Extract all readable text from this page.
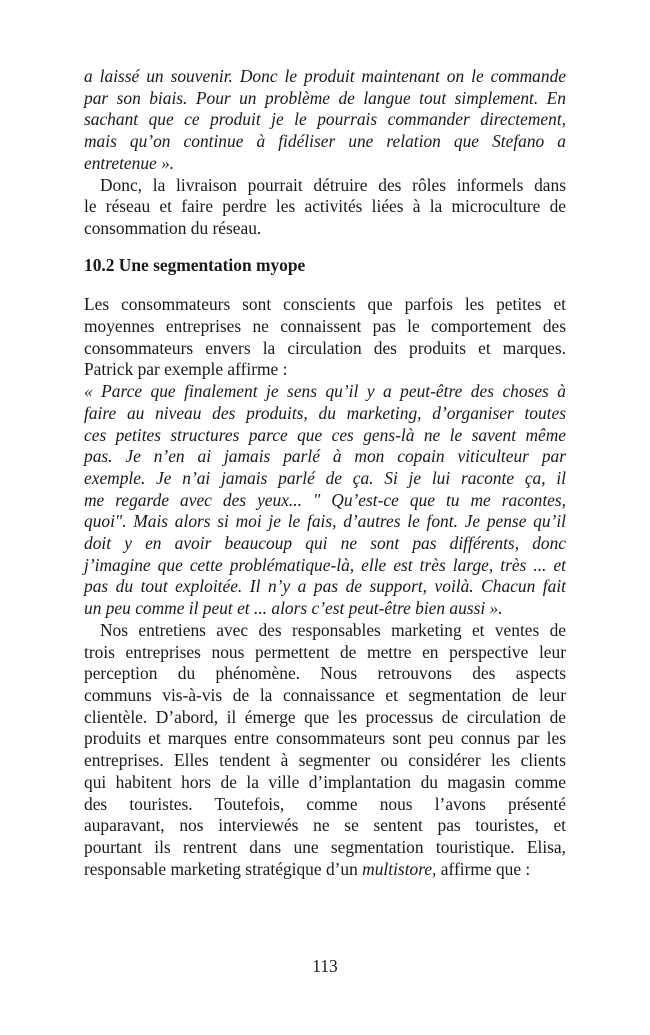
a laissé un souvenir. Donc le produit maintenant on le commande
par son biais. Pour un problème de langue tout simplement. En
sachant que ce produit je le pourrais commander directement,
mais qu’on continue à fidéliser une relation que Stefano a
entretenue ».
Donc, la livraison pourrait détruire des rôles informels dans
le réseau et faire perdre les activités liées à la microculture de
consommation du réseau.
10.2 Une segmentation myope
Les consommateurs sont conscients que parfois les petites et
moyennes entreprises ne connaissent pas le comportement des
consommateurs envers la circulation des produits et marques.
Patrick par exemple affirme :
« Parce que finalement je sens qu’il y a peut-être des choses à
faire au niveau des produits, du marketing, d’organiser toutes
ces petites structures parce que ces gens-là ne le savent même
pas. Je n’en ai jamais parlé à mon copain viticulteur par
exemple. Je n’ai jamais parlé de ça. Si je lui raconte ça, il
me regarde avec des yeux... " Qu’est-ce que tu me racontes,
quoi". Mais alors si moi je le fais, d’autres le font. Je pense qu’il
doit y en avoir beaucoup qui ne sont pas différents, donc
j’imagine que cette problématique-là, elle est très large, très ... et
pas du tout exploitée. Il n’y a pas de support, voilà. Chacun fait
un peu comme il peut et ... alors c’est peut-être bien aussi ».
Nos entretiens avec des responsables marketing et ventes de
trois entreprises nous permettent de mettre en perspective leur
perception du phénomène. Nous retrouvons des aspects
communs vis-à-vis de la connaissance et segmentation de leur
clientèle. D’abord, il émerge que les processus de circulation de
produits et marques entre consommateurs sont peu connus par les
entreprises. Elles tendent à segmenter ou considérer les clients
qui habitent hors de la ville d’implantation du magasin comme
des touristes. Toutefois, comme nous l’avons présenté
auparavant, nos interviewés ne se sentent pas touristes, et
pourtant ils rentrent dans une segmentation touristique. Elisa,
responsable marketing stratégique d’un multistore, affirme que :
113
